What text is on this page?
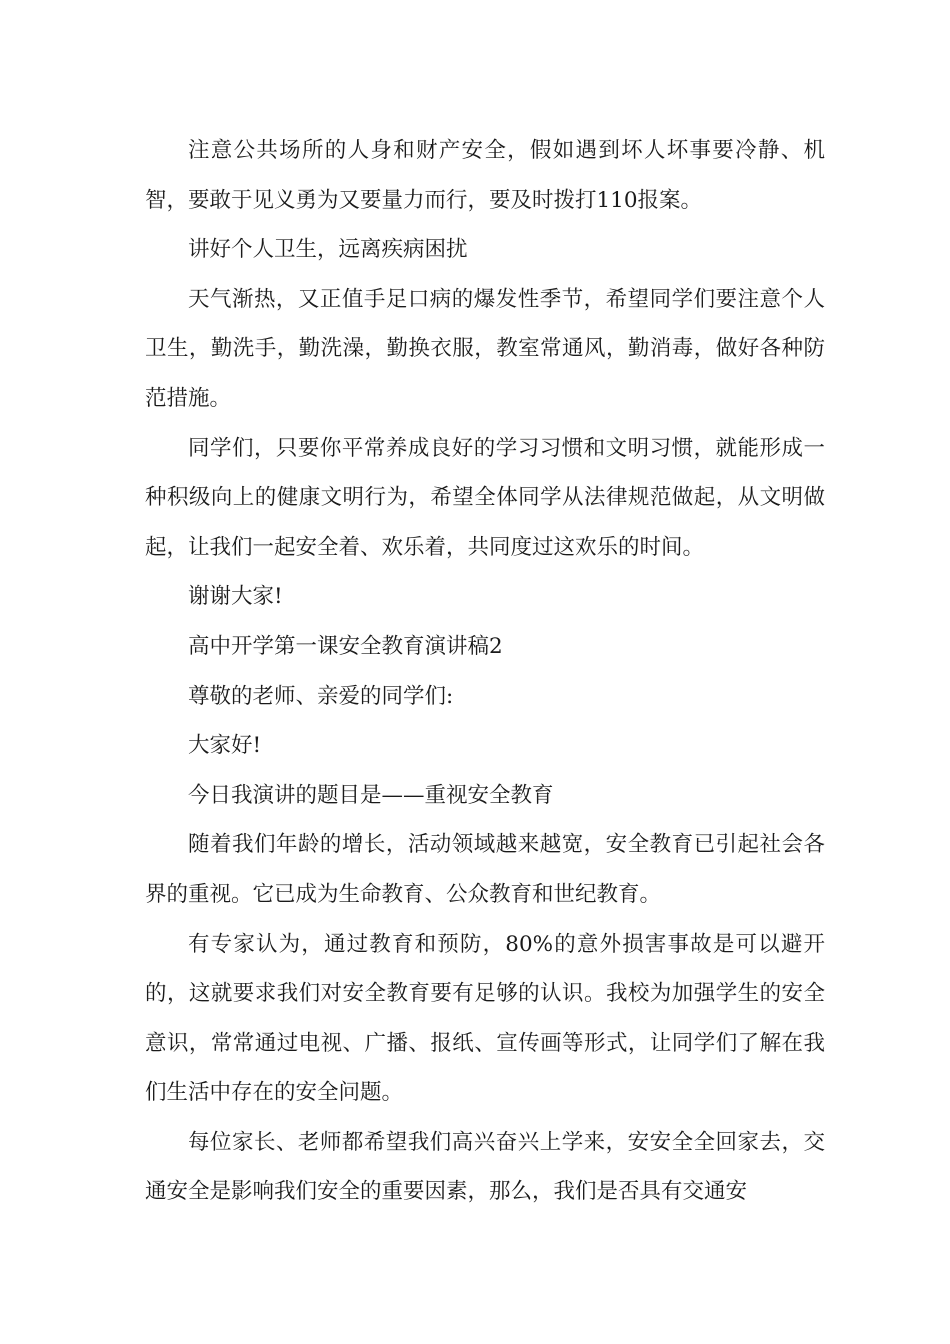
注意公共场所的人身和财产安全，假如遇到坏人坏事要冷静、机智，要敢于见义勇为又要量力而行，要及时拨打110报案。

讲好个人卫生，远离疾病困扰

天气渐热，又正值手足口病的爆发性季节，希望同学们要注意个人卫生，勤洗手，勤洗澡，勤换衣服，教室常通风，勤消毒，做好各种防范措施。

同学们，只要你平常养成良好的学习习惯和文明习惯，就能形成一种积级向上的健康文明行为，希望全体同学从法律规范做起，从文明做起，让我们一起安全着、欢乐着，共同度过这欢乐的时间。

谢谢大家!

高中开学第一课安全教育演讲稿2

尊敬的老师、亲爱的同学们:

大家好!

今日我演讲的题目是——重视安全教育

随着我们年龄的增长，活动领域越来越宽，安全教育已引起社会各界的重视。它已成为生命教育、公众教育和世纪教育。

有专家认为，通过教育和预防，80%的意外损害事故是可以避开的，这就要求我们对安全教育要有足够的认识。我校为加强学生的安全意识，常常通过电视、广播、报纸、宣传画等形式，让同学们了解在我们生活中存在的安全问题。

每位家长、老师都希望我们高兴奋兴上学来，安安全全回家去，交通安全是影响我们安全的重要因素，那么，我们是否具有交通安
